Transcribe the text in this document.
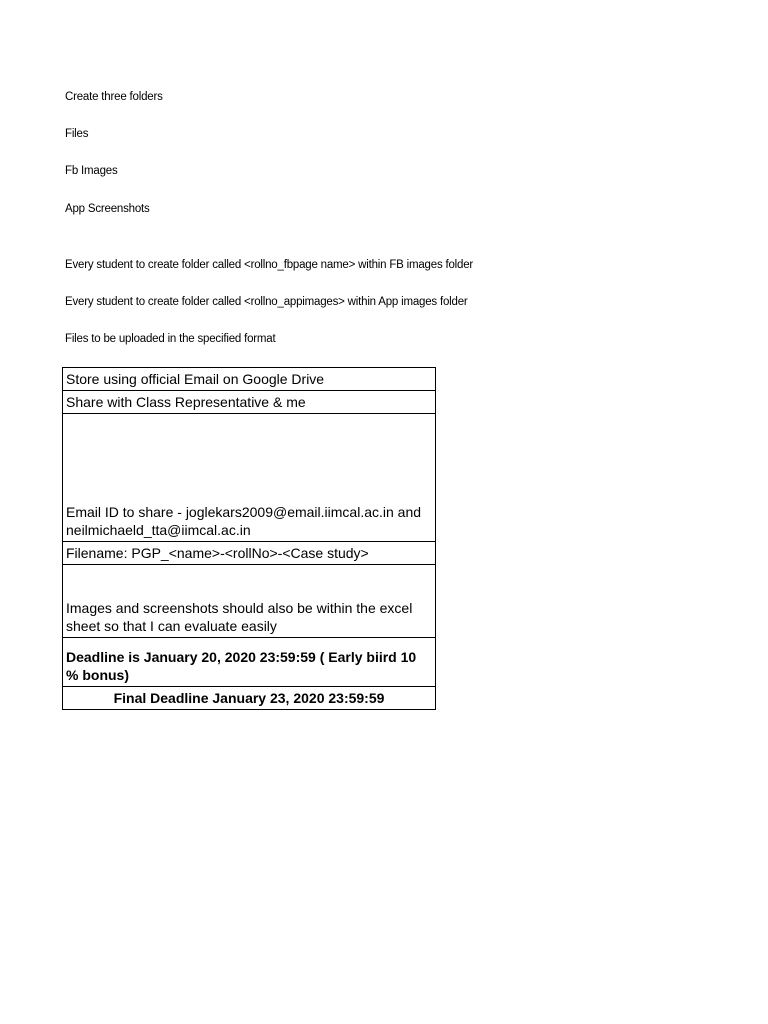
Create three folders
Files
Fb Images
App Screenshots
Every student to create folder called <rollno_fbpage name> within FB images folder
Every student to create folder called <rollno_appimages> within App images folder
Files to be uploaded in the specified format
Store using official Email on Google Drive
Share with Class Representative & me
Email ID to share - joglekars2009@email.iimcal.ac.in and neilmichaeld_tta@iimcal.ac.in
Filename: PGP_<name>-<rollNo>-<Case study>
Images and screenshots should also be within the excel sheet so that I can evaluate easily
Deadline is January 20, 2020 23:59:59 ( Early biird 10 % bonus)
Final Deadline January 23, 2020 23:59:59
